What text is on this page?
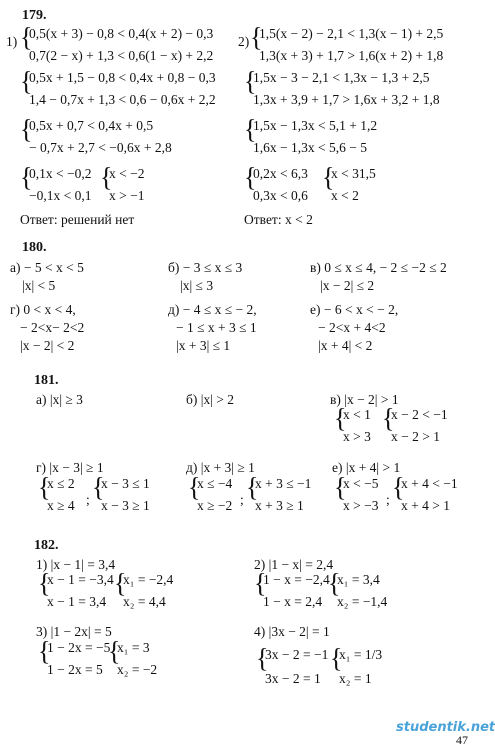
179.
1) {
0,5(x + 3) − 0,8 < 0,4(x + 2) − 0,3
0,7(2 − x) + 1,3 < 0,6(1 − x) + 2,2
{
0,5x + 1,5 − 0,8 < 0,4x + 0,8 − 0,3
1,4 − 0,7x + 1,3 < 0,6 − 0,6x + 2,2
{
0,5x + 0,7 < 0,4x + 0,5
− 0,7x + 2,7 < −0,6x + 2,8
{
0,1x < −0,2
−0,1x < 0,1
{
x < −2
x > −1
Ответ: решений нет
2) {
1,5(x − 2) − 2,1 < 1,3(x − 1) + 2,5
1,3(x + 3) + 1,7 > 1,6(x + 2) + 1,8
{
1,5x − 3 − 2,1 < 1,3x − 1,3 + 2,5
1,3x + 3,9 + 1,7 > 1,6x + 3,2 + 1,8
{
1,5x − 1,3x < 5,1 + 1,2
1,6x − 1,3x < 5,6 − 5
{
0,2x < 6,3
0,3x < 0,6
{
x < 31,5
x < 2
Ответ: x < 2
180.
а) − 5 < x < 5
|x| < 5
б) − 3 ≤ x ≤ 3
|x| ≤ 3
в) 0 ≤ x ≤ 4, − 2 ≤ −2 ≤ 2
|x − 2| ≤ 2
г) 0 < x < 4,
− 2<x− 2<2
|x − 2| < 2
д) − 4 ≤ x ≤ − 2,
− 1 ≤ x + 3 ≤ 1
|x + 3| ≤ 1
е) − 6 < x < − 2,
− 2<x + 4<2
|x + 4| < 2
181.
а) |x| ≥ 3	б) |x| > 2	в) |x − 2| > 1
{
x < 1
x > 3
{
x − 2 < −1
x − 2 > 1
г) |x − 3| ≥ 1
{
x ≤ 2
x ≥ 4 ; {
x − 3 ≤ 1
x − 3 ≥ 1
д) |x + 3| ≥ 1
{
x ≤ −4
x ≥ −2 ; {
x + 3 ≤ −1
x + 3 ≥ 1
е) |x + 4| > 1
{
x < −5
x > −3 ; {
x + 4 < −1
x + 4 > 1
182.
1) |x − 1| = 3,4
{
x − 1 = −3,4
x − 1 = 3,4
{
x₁ = −2,4
x₂ = 4,4
2) |1 − x| = 2,4
{
1 − x = −2,4
1 − x = 2,4
{
x₁ = 3,4
x₂ = −1,4
3) |1 − 2x| = 5
{
1 − 2x = −5
1 − 2x = 5
{
x₁ = 3
x₂ = −2
4) |3x − 2| = 1
{
3x − 2 = −1
3x − 2 = 1
{
x₁ = 1/3
x₂ = 1
studentik.net
47
